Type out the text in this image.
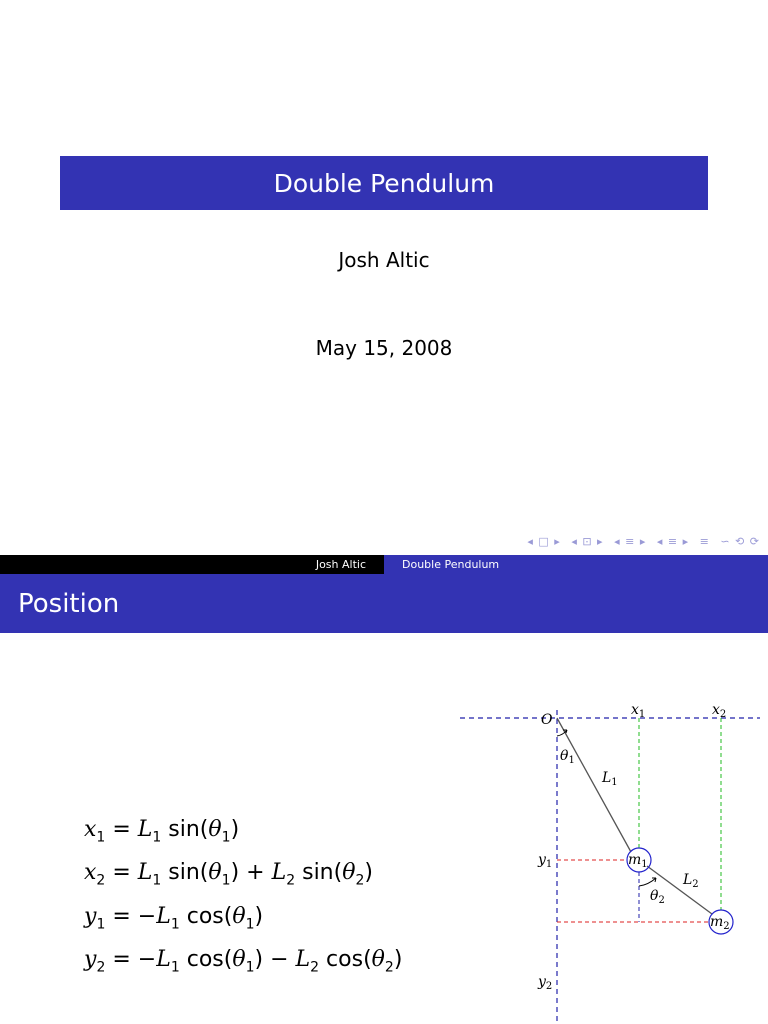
Double Pendulum
Josh Altic
May 15, 2008
◂ □ ▸ ◂ ⊡ ▸ ◂ ≡ ▸ ◂ ≡ ▸ ≡ ∽ ⟲ ⟳
Josh Altic	Double Pendulum
Position
$x_1 = L_1$ $\sin(\theta_1)$
$x_2 = L_1$ $\sin(\theta_1) + L_2$ $\sin(\theta_2)$
$y_1 = -L_1$ $\cos(\theta_1)$
$y_2 = -L_1$ $\cos(\theta_1) - L_2$ $\cos(\theta_2)$
O
$x_1$	$x_2$
$y_1$
$y_2$
$\theta_1$
$\theta_2$
$L_1$
$L_2$
$m_1$
$m_2$
